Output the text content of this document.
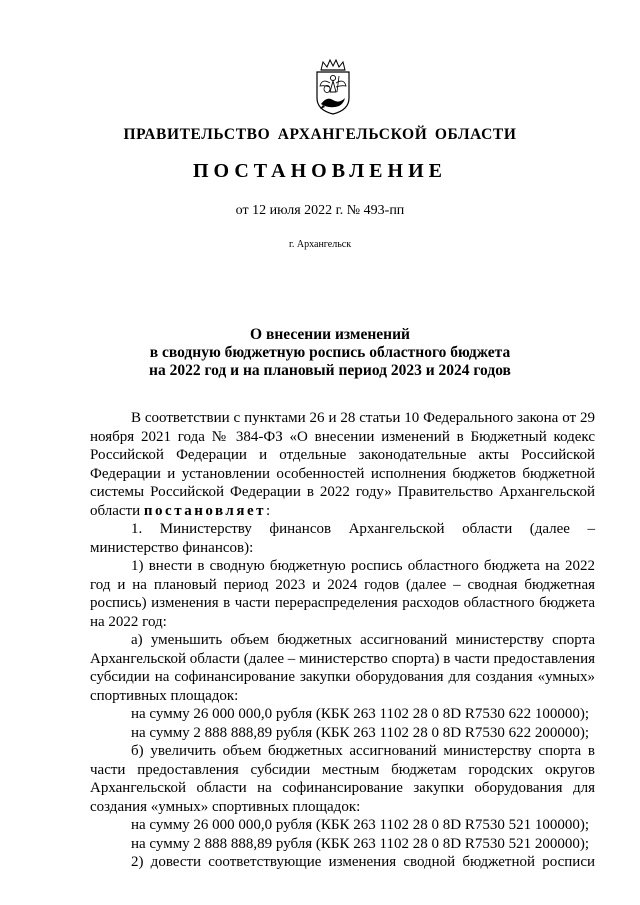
ПРАВИТЕЛЬСТВО АРХАНГЕЛЬСКОЙ ОБЛАСТИ
ПОСТАНОВЛЕНИЕ
от 12 июля 2022 г. № 493-пп
г. Архангельск
О внесении изменений
в сводную бюджетную роспись областного бюджета
на 2022 год и на плановый период 2023 и 2024 годов

В соответствии с пунктами 26 и 28 статьи 10 Федерального закона от 29 ноября 2021 года № 384-ФЗ «О внесении изменений в Бюджетный кодекс Российской Федерации и отдельные законодательные акты Российской Федерации и установлении особенностей исполнения бюджетов бюджетной системы Российской Федерации в 2022 году» Правительство Архангельской области постановляет:

1. Министерству финансов Архангельской области (далее – министерство финансов):

1) внести в сводную бюджетную роспись областного бюджета на 2022 год и на плановый период 2023 и 2024 годов (далее – сводная бюджетная роспись) изменения в части перераспределения расходов областного бюджета на 2022 год:

а) уменьшить объем бюджетных ассигнований министерству спорта Архангельской области (далее – министерство спорта) в части предоставления субсидии на софинансирование закупки оборудования для создания «умных» спортивных площадок:

на сумму 26 000 000,0 рубля (КБК 263 1102 28 0 8D R7530 622 100000);

на сумму 2 888 888,89 рубля (КБК 263 1102 28 0 8D R7530 622 200000);

б) увеличить объем бюджетных ассигнований министерству спорта в части предоставления субсидии местным бюджетам городских округов Архангельской области на софинансирование закупки оборудования для создания «умных» спортивных площадок:

на сумму 26 000 000,0 рубля (КБК 263 1102 28 0 8D R7530 521 100000);

на сумму 2 888 888,89 рубля (КБК 263 1102 28 0 8D R7530 521 200000);

2) довести соответствующие изменения сводной бюджетной росписи
